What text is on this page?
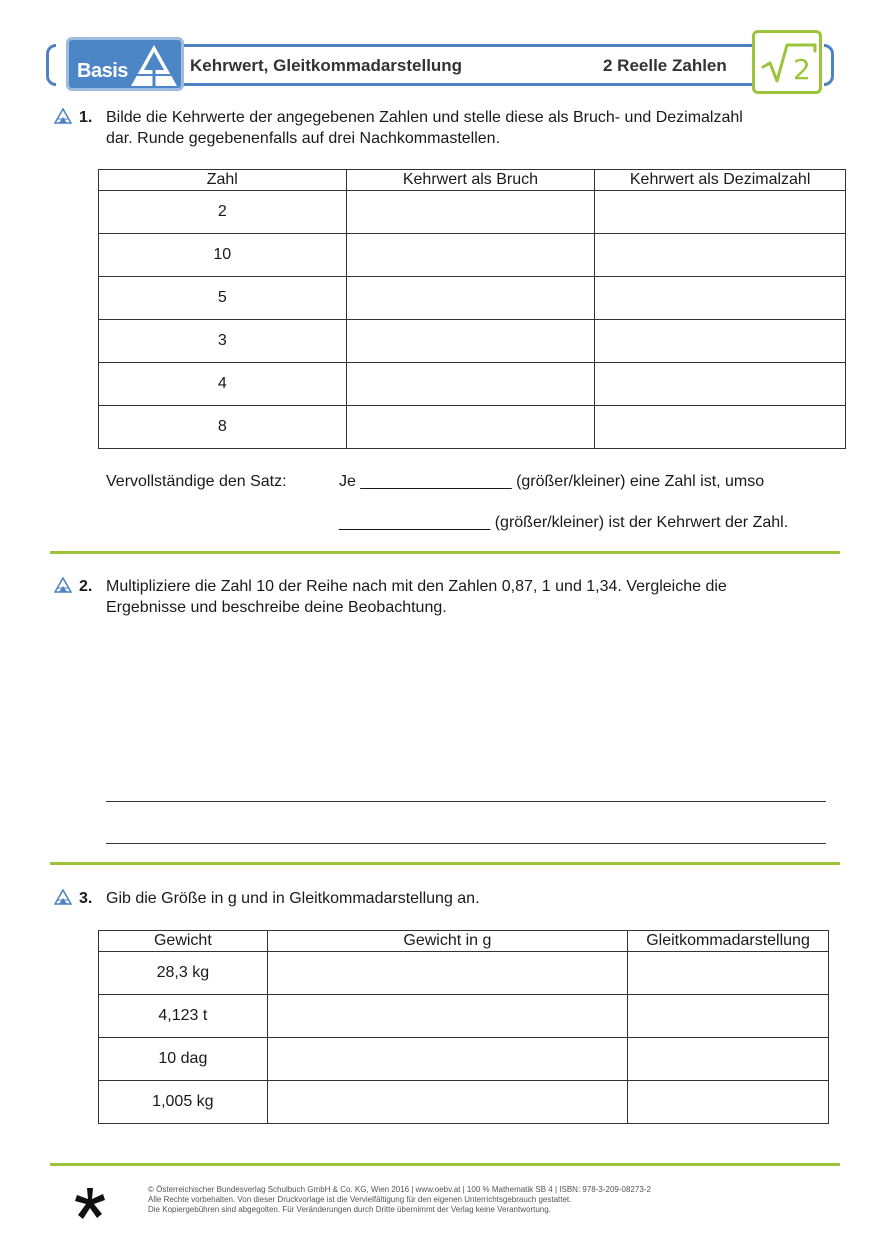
Basis	Kehrwert, Gleitkommadarstellung	2 Reelle Zahlen 2
1. Bilde die Kehrwerte der angegebenen Zahlen und stelle diese als Bruch- und Dezimalzahl
dar. Runde gegebenenfalls auf drei Nachkommastellen.
Zahl	Kehrwert als Bruch	Kehrwert als Dezimalzahl
2		
10		
5		
3		
4		
8		
Vervollständige den Satz:	Je _________________ (größer/kleiner) eine Zahl ist, umso
_________________ (größer/kleiner) ist der Kehrwert der Zahl.
2. Multipliziere die Zahl 10 der Reihe nach mit den Zahlen 0,87, 1 und 1,34. Vergleiche die
Ergebnisse und beschreibe deine Beobachtung.
3. Gib die Größe in g und in Gleitkommadarstellung an.
Gewicht	Gewicht in g	Gleitkommadarstellung
28,3 kg		
4,123 t		
10 dag		
1,005 kg		
© Österreichischer Bundesverlag Schulbuch GmbH & Co. KG, Wien 2016 | www.oebv.at | 100 % Mathematik SB 4 | ISBN: 978-3-209-08273-2
Alle Rechte vorbehalten. Von dieser Druckvorlage ist die Vervielfältigung für den eigenen Unterrichtsgebrauch gestattet.
Die Kopiergebühren sind abgegolten. Für Veränderungen durch Dritte übernimmt der Verlag keine Verantwortung.
